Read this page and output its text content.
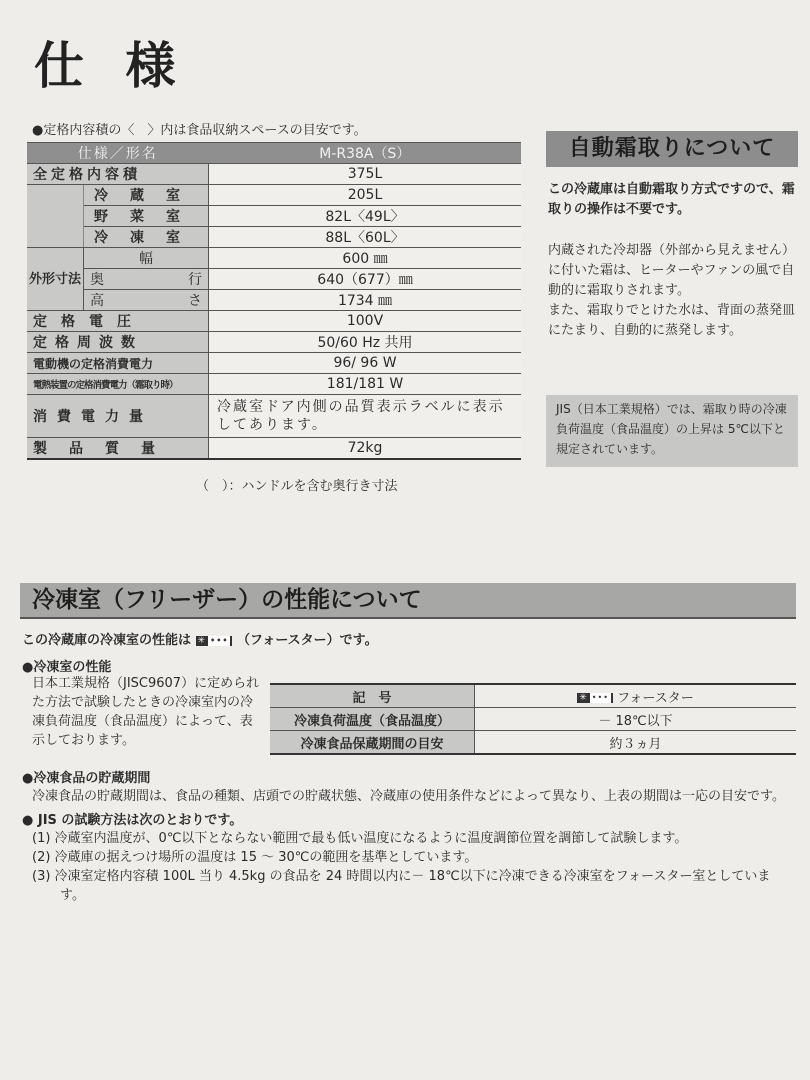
仕 様
●定格内容積の〈　〉内は食品収納スペースの目安です。
仕様／形名		M-R38A（S）
全定格内容積		375L
	冷蔵室	205L
	野菜室	82L〈49L〉
	冷凍室	88L〈60L〉
外形寸法	幅	600 ㎜

	奥 行	640（677）㎜

	高 さ	1734 ㎜
定格電圧		100V
定格周波数		50/60 Hz 共用
電動機の定格消費電力		96/ 96 W
電熱装置の定格消費電力（霜取り時）		181/181 W
消費電力量		冷蔵室ドア内側の品質表示ラベルに表示してあります。
製品質量		72kg
（　）：ハンドルを含む奥行き寸法
自動霜取りについて
この冷蔵庫は自動霜取り方式ですので、霜取りの操作は不要です。
内蔵された冷却器（外部から見えません）に付いた霜は、ヒーターやファンの風で自動的に霜取りされます。
また、霜取りでとけた水は、背面の蒸発皿にたまり、自動的に蒸発します。
JIS（日本工業規格）では、霜取り時の冷凍負荷温度（食品温度）の上昇は 5℃以下と規定されています。
冷凍室（フリーザー）の性能について
この冷蔵庫の冷凍室の性能は ✳ ••• （フォースター）です。
●冷凍室の性能
日本工業規格（JISC9607）に定められた方法で試験したときの冷凍室内の冷凍負荷温度（食品温度）によって、表示しております。
記　号	✳ ••• フォースター
冷凍負荷温度（食品温度）	－ 18℃以下
冷凍食品保蔵期間の目安	約３ヵ月
●冷凍食品の貯蔵期間
冷凍食品の貯蔵期間は、食品の種類、店頭での貯蔵状態、冷蔵庫の使用条件などによって異なり、上表の期間は一応の目安です。
● JIS の試験方法は次のとおりです。
(1) 冷蔵室内温度が、0℃以下とならない範囲で最も低い温度になるように温度調節位置を調節して試験します。
(2) 冷蔵庫の据えつけ場所の温度は 15 ～ 30℃の範囲を基準としています。
(3) 冷凍室定格内容積 100L 当り 4.5kg の食品を 24 時間以内に－ 18℃以下に冷凍できる冷凍室をフォースター室としています。
